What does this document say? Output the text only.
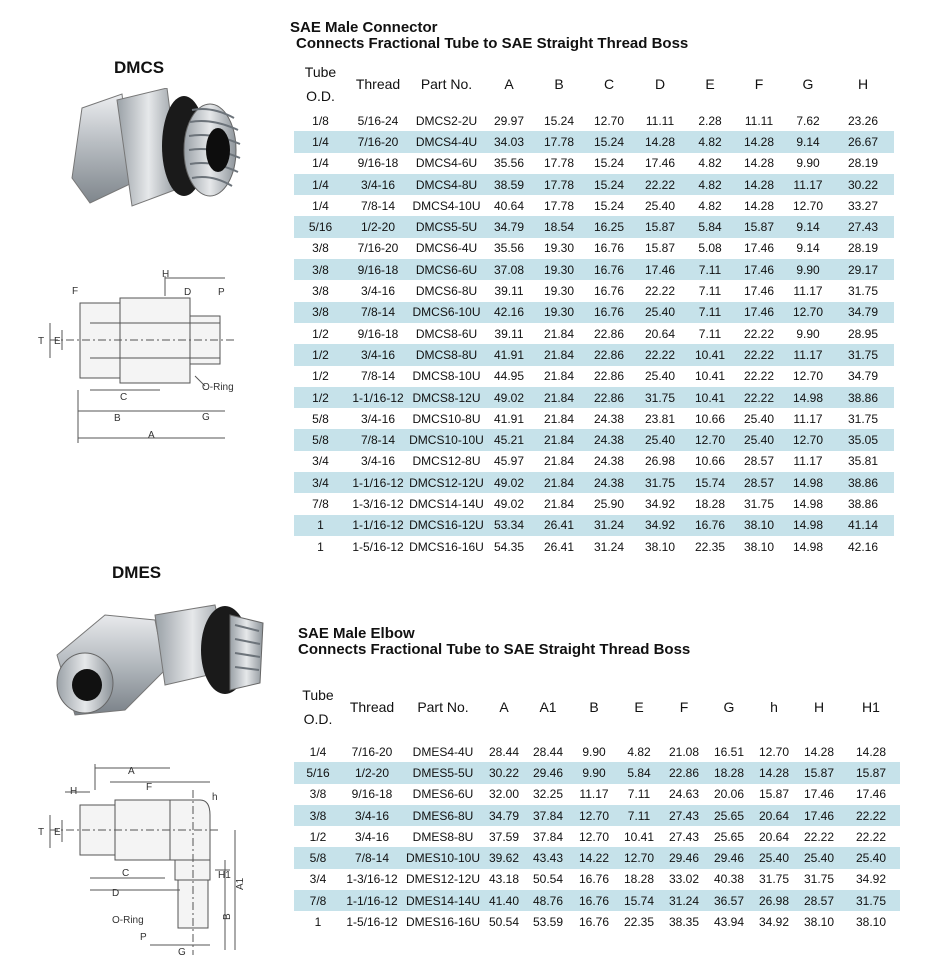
DMCS
H
F	D	P
T E
O-Ring
C
B	G
A
SAE Male Connector
Connects Fractional Tube to SAE Straight Thread Boss
Tube O.D.	Thread	Part No.	A	B	C	D	E	F	G	H
1/8	5/16-24	DMCS2-2U	29.97	15.24	12.70	11.11	2.28	11.11	7.62	23.26
1/4	7/16-20	DMCS4-4U	34.03	17.78	15.24	14.28	4.82	14.28	9.14	26.67
1/4	9/16-18	DMCS4-6U	35.56	17.78	15.24	17.46	4.82	14.28	9.90	28.19
1/4	3/4-16	DMCS4-8U	38.59	17.78	15.24	22.22	4.82	14.28	11.17	30.22
1/4	7/8-14	DMCS4-10U	40.64	17.78	15.24	25.40	4.82	14.28	12.70	33.27
5/16	1/2-20	DMCS5-5U	34.79	18.54	16.25	15.87	5.84	15.87	9.14	27.43
3/8	7/16-20	DMCS6-4U	35.56	19.30	16.76	15.87	5.08	17.46	9.14	28.19
3/8	9/16-18	DMCS6-6U	37.08	19.30	16.76	17.46	7.11	17.46	9.90	29.17
3/8	3/4-16	DMCS6-8U	39.11	19.30	16.76	22.22	7.11	17.46	11.17	31.75
3/8	7/8-14	DMCS6-10U	42.16	19.30	16.76	25.40	7.11	17.46	12.70	34.79
1/2	9/16-18	DMCS8-6U	39.11	21.84	22.86	20.64	7.11	22.22	9.90	28.95
1/2	3/4-16	DMCS8-8U	41.91	21.84	22.86	22.22	10.41	22.22	11.17	31.75
1/2	7/8-14	DMCS8-10U	44.95	21.84	22.86	25.40	10.41	22.22	12.70	34.79
1/2	1-1/16-12	DMCS8-12U	49.02	21.84	22.86	31.75	10.41	22.22	14.98	38.86
5/8	3/4-16	DMCS10-8U	41.91	21.84	24.38	23.81	10.66	25.40	11.17	31.75
5/8	7/8-14	DMCS10-10U	45.21	21.84	24.38	25.40	12.70	25.40	12.70	35.05
3/4	3/4-16	DMCS12-8U	45.97	21.84	24.38	26.98	10.66	28.57	11.17	35.81
3/4	1-1/16-12	DMCS12-12U	49.02	21.84	24.38	31.75	15.74	28.57	14.98	38.86
7/8	1-3/16-12	DMCS14-14U	49.02	21.84	25.90	34.92	18.28	31.75	14.98	38.86
1	1-1/16-12	DMCS16-12U	53.34	26.41	31.24	34.92	16.76	38.10	14.98	41.14
1	1-5/16-12	DMCS16-16U	54.35	26.41	31.24	38.10	22.35	38.10	14.98	42.16
DMES
A
H	F
h
T E
C
D
H1
A1
O-Ring	B
P
G
SAE Male Elbow
Connects Fractional Tube to SAE Straight Thread Boss
Tube O.D.	Thread	Part No.	A	A1	B	E	F	G	h	H	H1
1/4	7/16-20	DMES4-4U	28.44	28.44	9.90	4.82	21.08	16.51	12.70	14.28	14.28
5/16	1/2-20	DMES5-5U	30.22	29.46	9.90	5.84	22.86	18.28	14.28	15.87	15.87
3/8	9/16-18	DMES6-6U	32.00	32.25	11.17	7.11	24.63	20.06	15.87	17.46	17.46
3/8	3/4-16	DMES6-8U	34.79	37.84	12.70	7.11	27.43	25.65	20.64	17.46	22.22
1/2	3/4-16	DMES8-8U	37.59	37.84	12.70	10.41	27.43	25.65	20.64	22.22	22.22
5/8	7/8-14	DMES10-10U	39.62	43.43	14.22	12.70	29.46	29.46	25.40	25.40	25.40
3/4	1-3/16-12	DMES12-12U	43.18	50.54	16.76	18.28	33.02	40.38	31.75	31.75	34.92
7/8	1-1/16-12	DMES14-14U	41.40	48.76	16.76	15.74	31.24	36.57	26.98	28.57	31.75
1	1-5/16-12	DMES16-16U	50.54	53.59	16.76	22.35	38.35	43.94	34.92	38.10	38.10
